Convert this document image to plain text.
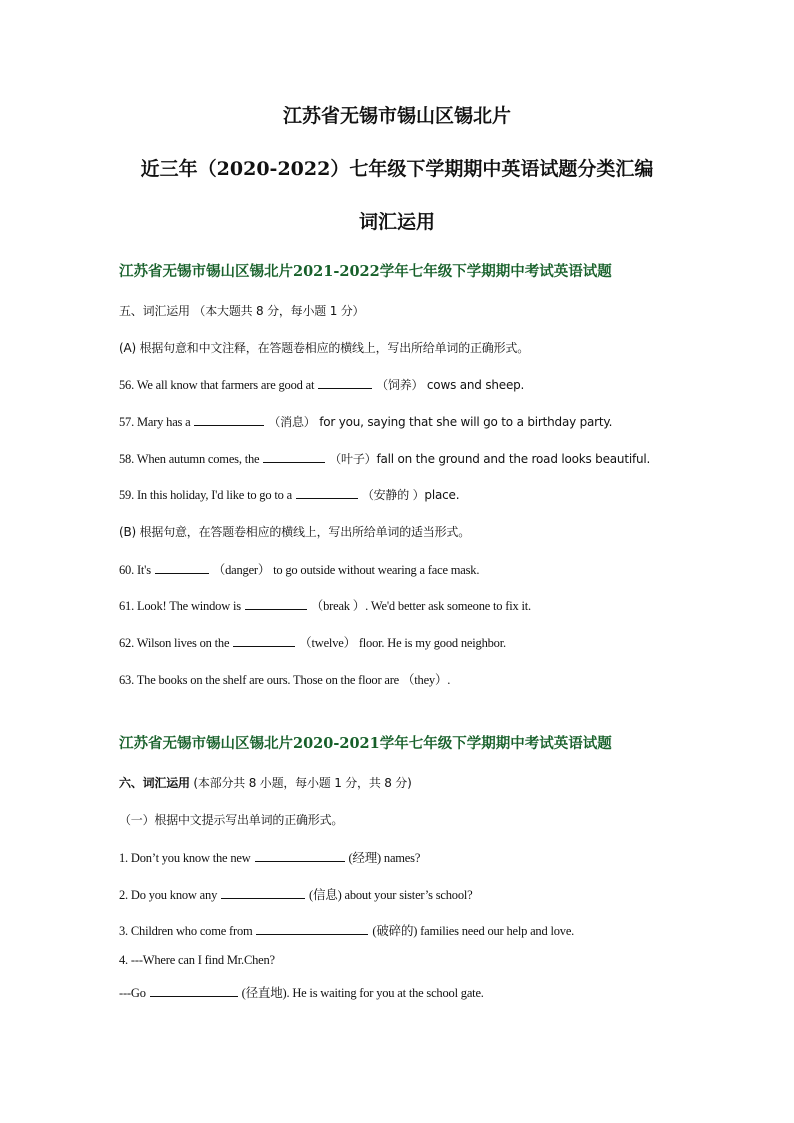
江苏省无锡市锡山区锡北片
近三年（2020-2022）七年级下学期期中英语试题分类汇编
词汇运用
江苏省无锡市锡山区锡北片2021-2022学年七年级下学期期中考试英语试题
五、词汇运用 （本大题共 8 分，每小题 1 分）
(A) 根据句意和中文注释，在答题卷相应的横线上，写出所给单词的正确形式。
56. We all know that farmers are good at	（饲养） cows and sheep.
57. Mary has a	（消息） for you, saying that she will go to a birthday party.
58. When autumn comes, the	（叶子）fall on the ground and the road looks beautiful.
59. In this holiday, I'd like to go to a	（安静的 ）place.
(B) 根据句意，在答题卷相应的横线上，写出所给单词的适当形式。
60. It's	（danger） to go outside without wearing a face mask.
61. Look! The window is	（break ）. We'd better ask someone to fix it.
62. Wilson lives on the	（twelve） floor. He is my good neighbor.
63. The books on the shelf are ours. Those on the floor are （they）.
江苏省无锡市锡山区锡北片2020-2021学年七年级下学期期中考试英语试题
六、词汇运用 (本部分共 8 小题，每小题 1 分，共 8 分)
（一）根据中文提示写出单词的正确形式。
1. Don’t you know the new	(经理) names?
2. Do you know any	(信息) about your sister’s school?
3. Children who come from	(破碎的) families need our help and love.
4. ---Where can I find Mr.Chen?
---Go	(径直地). He is waiting for you at the school gate.
